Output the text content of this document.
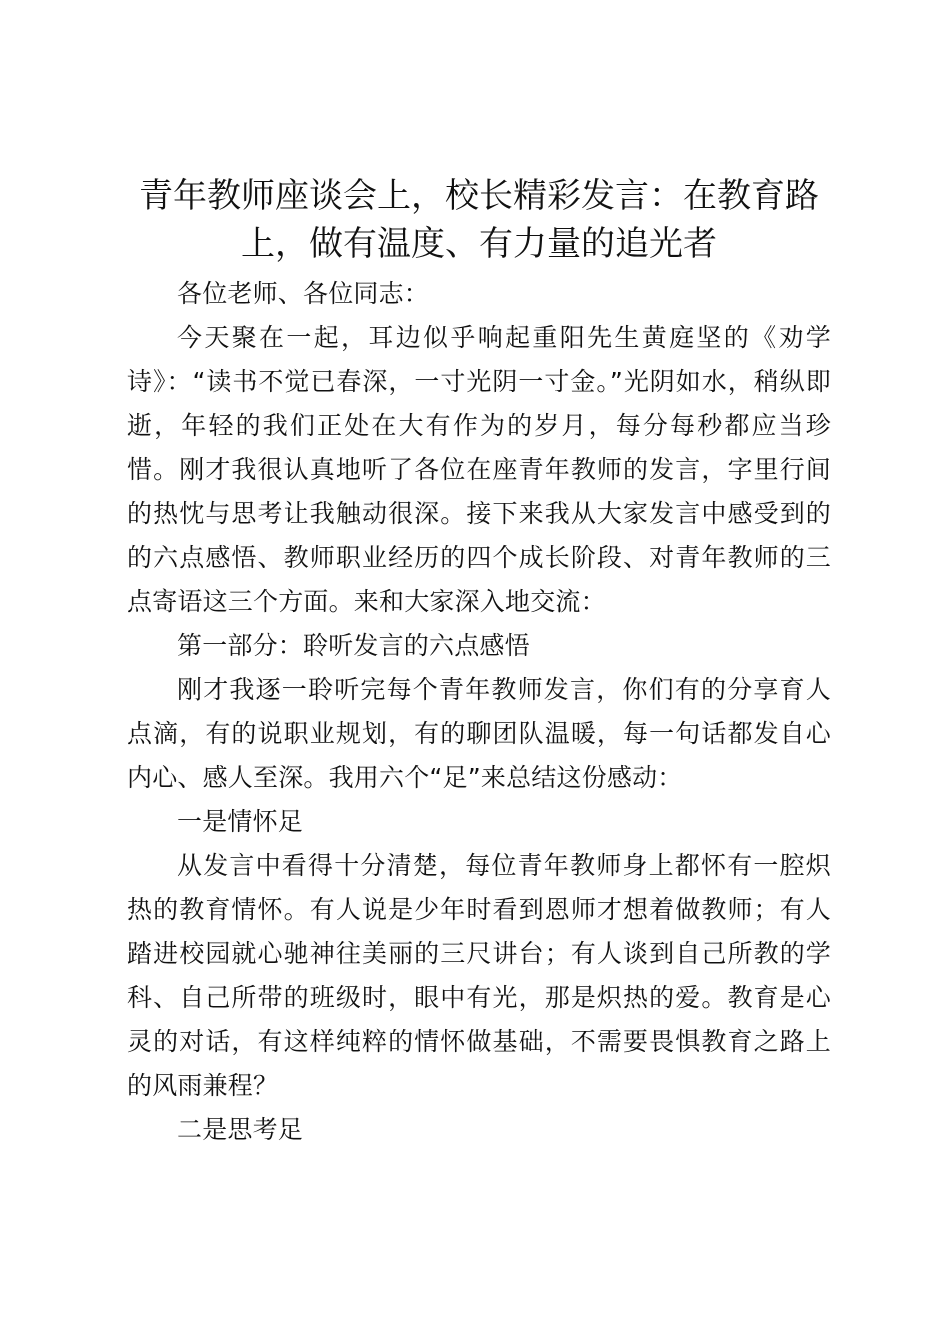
青年教师座谈会上，校长精彩发言：在教育路上，做有温度、有力量的追光者

各位老师、各位同志：

今天聚在一起，耳边似乎响起重阳先生黄庭坚的《劝学诗》：“读书不觉已春深，一寸光阴一寸金。”光阴如水，稍纵即逝，年轻的我们正处在大有作为的岁月，每分每秒都应当珍惜。刚才我很认真地听了各位在座青年教师的发言，字里行间的热忱与思考让我触动很深。接下来我从大家发言中感受到的的六点感悟、教师职业经历的四个成长阶段、对青年教师的三点寄语这三个方面。来和大家深入地交流：

第一部分：聆听发言的六点感悟

刚才我逐一聆听完每个青年教师发言，你们有的分享育人点滴，有的说职业规划，有的聊团队温暖，每一句话都发自心内心、感人至深。我用六个“足”来总结这份感动：

一是情怀足

从发言中看得十分清楚，每位青年教师身上都怀有一腔炽热的教育情怀。有人说是少年时看到恩师才想着做教师；有人踏进校园就心驰神往美丽的三尺讲台；有人谈到自己所教的学科、自己所带的班级时，眼中有光，那是炽热的爱。教育是心灵的对话，有这样纯粹的情怀做基础，不需要畏惧教育之路上的风雨兼程？

二是思考足
